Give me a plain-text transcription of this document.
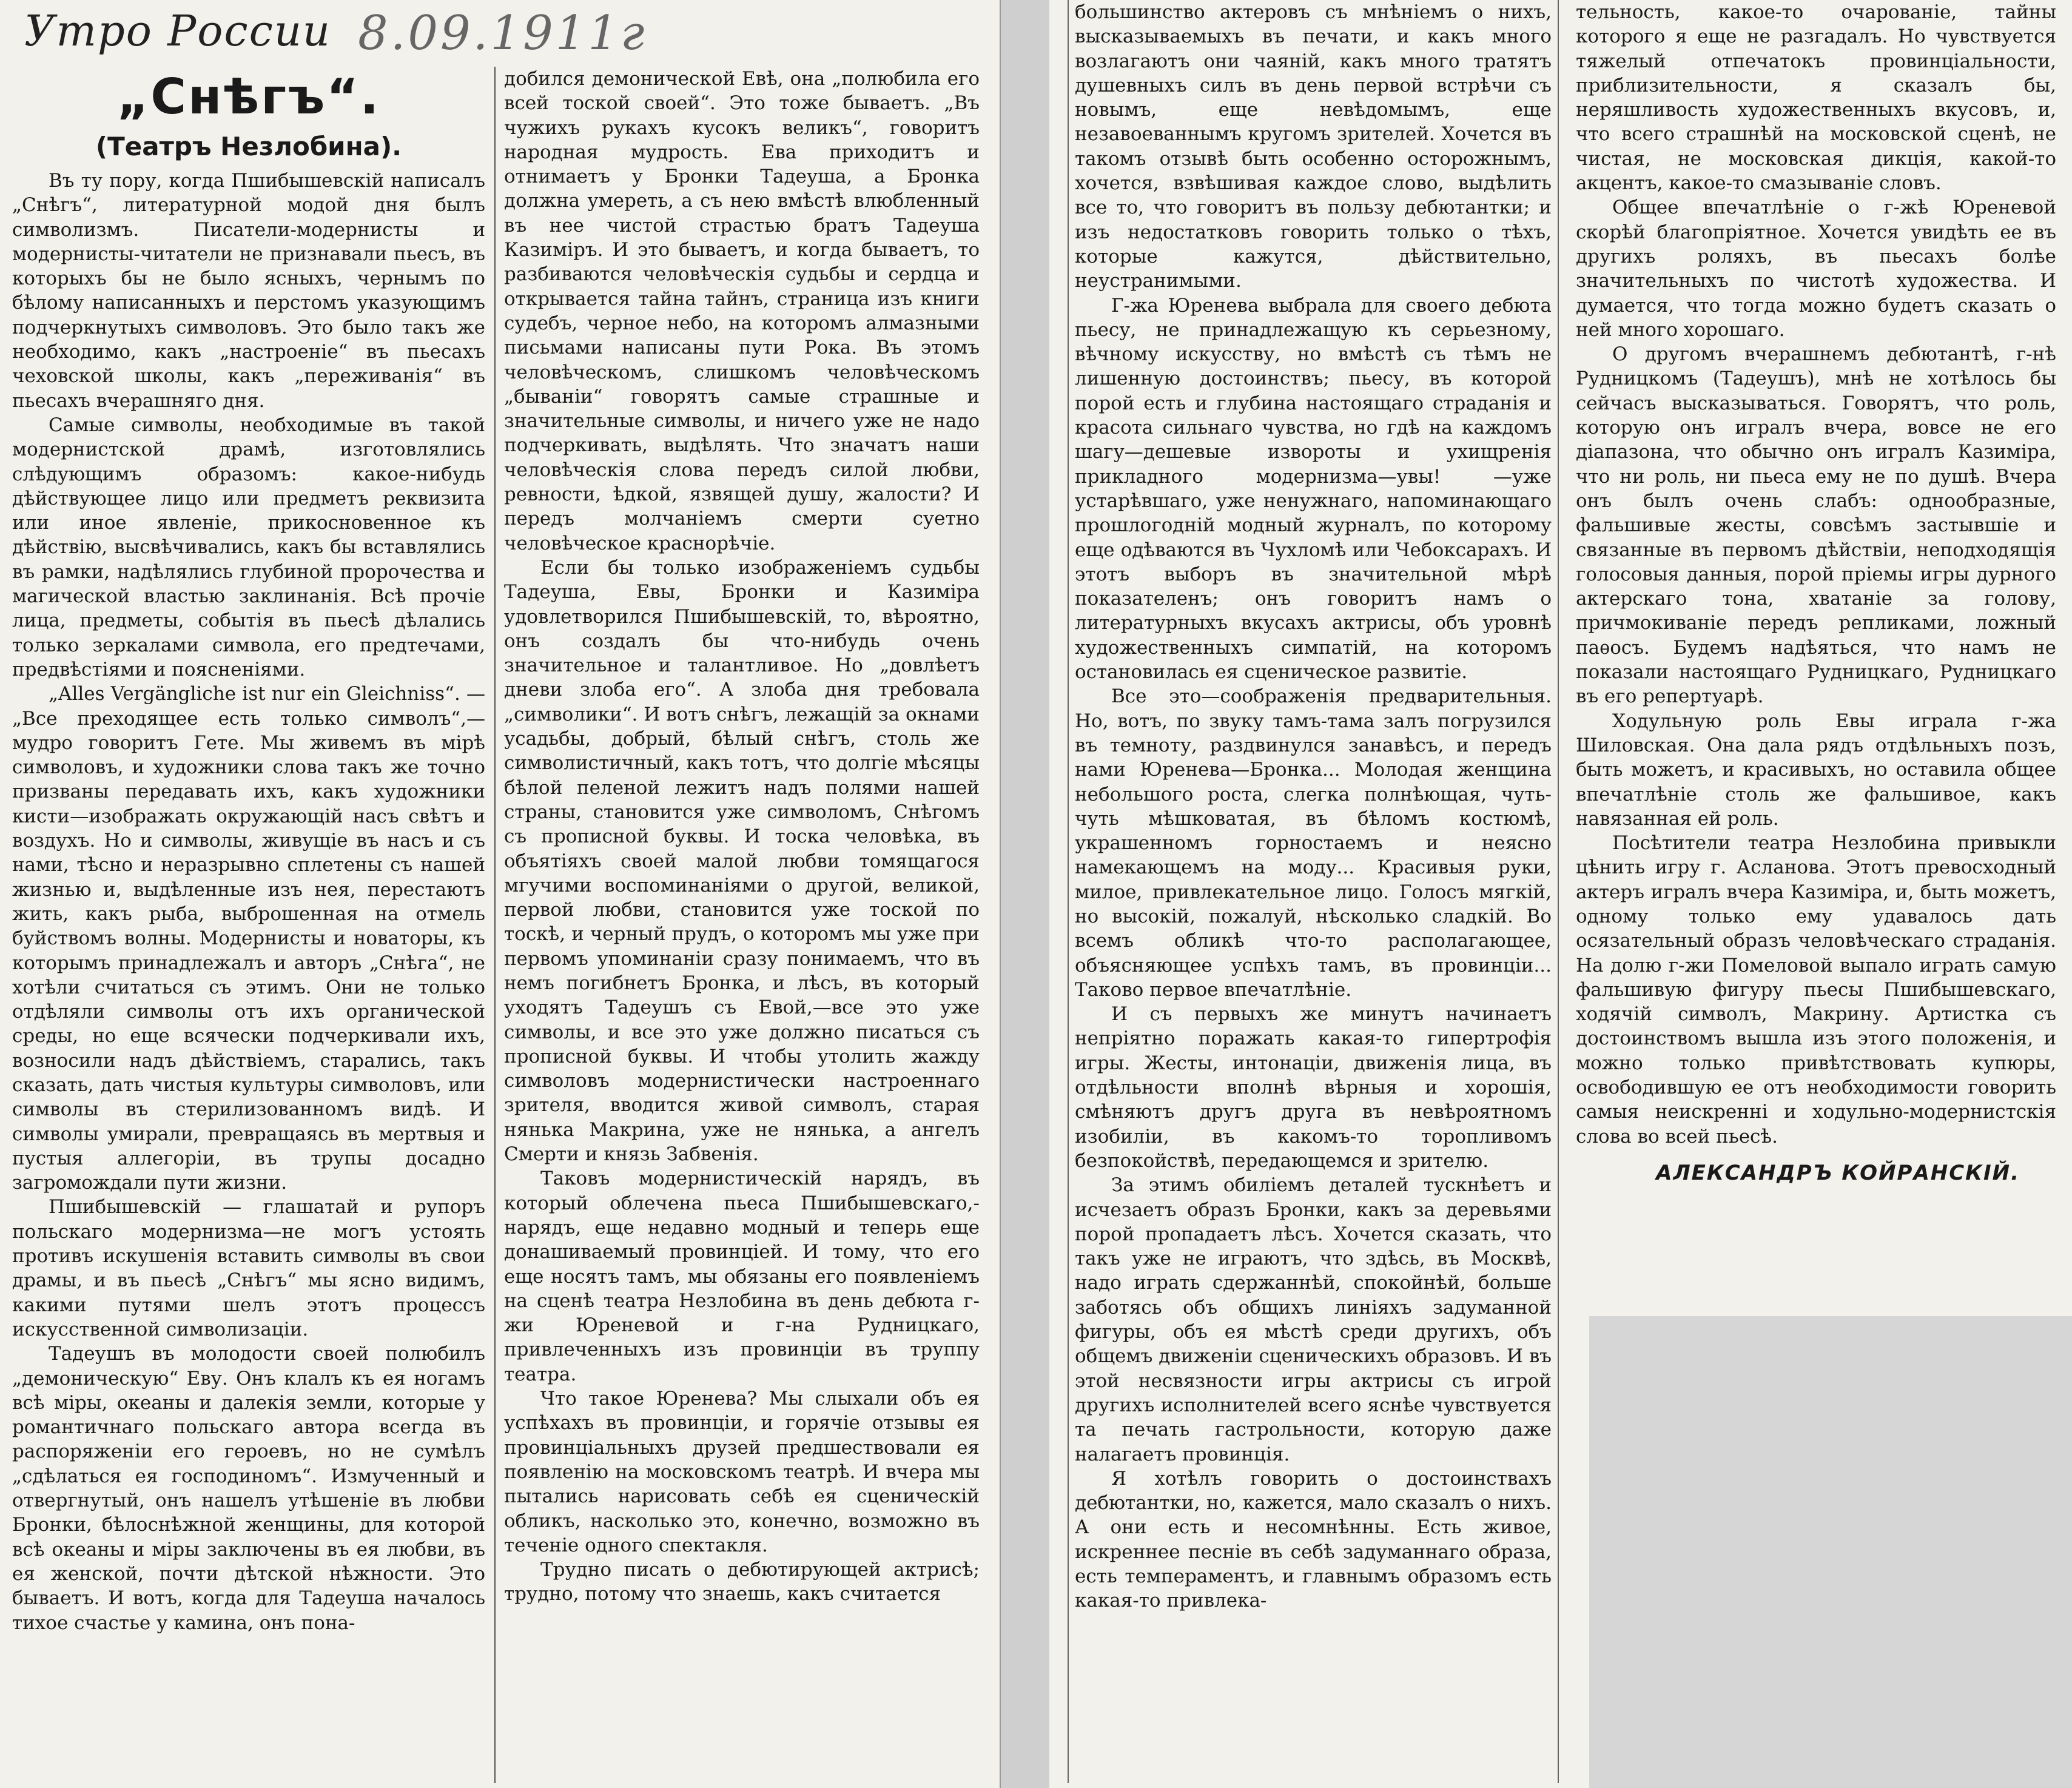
Утро России 8.09.1911г
„Снѣгъ“.
(Театръ Незлобина).

Въ ту пору, когда Пшибышевскій написалъ „Снѣгъ“, литературной модой дня былъ символизмъ. Писатели-модернисты и модернисты-читатели не признавали пьесъ, въ которыхъ бы не было ясныхъ, чернымъ по бѣлому написанныхъ и перстомъ указующимъ подчеркнутыхъ символовъ. Это было такъ же необходимо, какъ „настроеніе“ въ пьесахъ чеховской школы, какъ „переживанія“ въ пьесахъ вчерашняго дня.

Самые символы, необходимые въ такой модернистской драмѣ, изготовлялись слѣдующимъ образомъ: какое-нибудь дѣйствующее лицо или предметъ реквизита или иное явленіе, прикосновенное къ дѣйствію, высвѣчивались, какъ бы вставлялись въ рамки, надѣлялись глубиной пророчества и магической властью заклинанія. Всѣ прочіе лица, предметы, событія въ пьесѣ дѣлались только зеркалами символа, его предтечами, предвѣстіями и поясненіями.

„Alles Vergängliche ist nur ein Gleichniss“. — „Все преходящее есть только символъ“,—мудро говоритъ Гете. Мы живемъ въ мірѣ символовъ, и художники слова такъ же точно призваны передавать ихъ, какъ художники кисти—изображать окружающій насъ свѣтъ и воздухъ. Но и символы, живущіе въ насъ и съ нами, тѣсно и неразрывно сплетены съ нашей жизнью и, выдѣленные изъ нея, перестаютъ жить, какъ рыба, выброшенная на отмель буйствомъ волны. Модернисты и новаторы, къ которымъ принадлежалъ и авторъ „Снѣга“, не хотѣли считаться съ этимъ. Они не только отдѣляли символы отъ ихъ органической среды, но еще всячески подчеркивали ихъ, возносили надъ дѣйствіемъ, старались, такъ сказать, дать чистыя культуры символовъ, или символы въ стерилизованномъ видѣ. И символы умирали, превращаясь въ мертвыя и пустыя аллегоріи, въ трупы досадно загромождали пути жизни.

Пшибышевскій — глашатай и рупоръ польскаго модернизма—не могъ устоять противъ искушенія вставить символы въ свои драмы, и въ пьесѣ „Снѣгъ“ мы ясно видимъ, какими путями шелъ этотъ процессъ искусственной символизаціи.

Тадеушъ въ молодости своей полюбилъ „демоническую“ Еву. Онъ клалъ къ ея ногамъ всѣ міры, океаны и далекія земли, которые у романтичнаго польскаго автора всегда въ распоряженіи его героевъ, но не сумѣлъ „сдѣлаться ея господиномъ“. Измученный и отвергнутый, онъ нашелъ утѣшеніе въ любви Бронки, бѣлоснѣжной женщины, для которой всѣ океаны и міры заключены въ ея любви, въ ея женской, почти дѣтской нѣжности. Это бываетъ. И вотъ, когда для Тадеуша началось тихое счастье у камина, онъ пона-

добился демонической Евѣ, она „полюбила его всей тоской своей“. Это тоже бываетъ. „Въ чужихъ рукахъ кусокъ великъ“, говоритъ народная мудрость. Ева приходитъ и отнимаетъ у Бронки Тадеуша, а Бронка должна умереть, а съ нею вмѣстѣ влюбленный въ нее чистой страстью братъ Тадеуша Казиміръ. И это бываетъ, и когда бываетъ, то разбиваются человѣческія судьбы и сердца и открывается тайна тайнъ, страница изъ книги судебъ, черное небо, на которомъ алмазными письмами написаны пути Рока. Въ этомъ человѣческомъ, слишкомъ человѣческомъ „бываніи“ говорятъ самые страшные и значительные символы, и ничего уже не надо подчеркивать, выдѣлять. Что значатъ наши человѣческія слова передъ силой любви, ревности, ѣдкой, язвящей душу, жалости? И передъ молчаніемъ смерти суетно человѣческое краснорѣчіе.

Если бы только изображеніемъ судьбы Тадеуша, Евы, Бронки и Казиміра удовлетворился Пшибышевскій, то, вѣроятно, онъ создалъ бы что-нибудь очень значительное и талантливое. Но „довлѣетъ дневи злоба его“. А злоба дня требовала „символики“. И вотъ снѣгъ, лежащій за окнами усадьбы, добрый, бѣлый снѣгъ, столь же символистичный, какъ тотъ, что долгіе мѣсяцы бѣлой пеленой лежитъ надъ полями нашей страны, становится уже символомъ, Снѣгомъ съ прописной буквы. И тоска человѣка, въ объятіяхъ своей малой любви томящагося мгучими воспоминаніями о другой, великой, первой любви, становится уже тоской по тоскѣ, и черный прудъ, о которомъ мы уже при первомъ упоминаніи сразу понимаемъ, что въ немъ погибнетъ Бронка, и лѣсъ, въ который уходятъ Тадеушъ съ Евой,—все это уже символы, и все это уже должно писаться съ прописной буквы. И чтобы утолить жажду символовъ модернистически настроеннаго зрителя, вводится живой символъ, старая нянька Макрина, уже не нянька, а ангелъ Смерти и князь Забвенія.

Таковъ модернистическій нарядъ, въ который облечена пьеса Пшибышевскаго,-нарядъ, еще недавно модный и теперь еще донашиваемый провинціей. И тому, что его еще носятъ тамъ, мы обязаны его появленіемъ на сценѣ театра Незлобина въ день дебюта г-жи Юреневой и г-на Рудницкаго, привлеченныхъ изъ провинціи въ труппу театра.

Что такое Юренева? Мы слыхали объ ея успѣхахъ въ провинціи, и горячіе отзывы ея провинціальныхъ друзей предшествовали ея появленію на московскомъ театрѣ. И вчера мы пытались нарисовать себѣ ея сценическій обликъ, насколько это, конечно, возможно въ теченіе одного спектакля.

Трудно писать о дебютирующей актрисѣ; трудно, потому что знаешь, какъ считается

большинство актеровъ съ мнѣніемъ о нихъ, высказываемыхъ въ печати, и какъ много возлагаютъ они чаяній, какъ много тратятъ душевныхъ силъ въ день первой встрѣчи съ новымъ, еще невѣдомымъ, еще незавоеваннымъ кругомъ зрителей. Хочется въ такомъ отзывѣ быть особенно осторожнымъ, хочется, взвѣшивая каждое слово, выдѣлить все то, что говоритъ въ пользу дебютантки; и изъ недостатковъ говорить только о тѣхъ, которые кажутся, дѣйствительно, неустранимыми.

Г-жа Юренева выбрала для своего дебюта пьесу, не принадлежащую къ серьезному, вѣчному искусству, но вмѣстѣ съ тѣмъ не лишенную достоинствъ; пьесу, въ которой порой есть и глубина настоящаго страданія и красота сильнаго чувства, но гдѣ на каждомъ шагу—дешевые извороты и ухищренія прикладного модернизма—увы! —уже устарѣвшаго, уже ненужнаго, напоминающаго прошлогодній модный журналъ, по которому еще одѣваются въ Чухломѣ или Чебоксарахъ. И этотъ выборъ въ значительной мѣрѣ показателенъ; онъ говоритъ намъ о литературныхъ вкусахъ актрисы, объ уровнѣ художественныхъ симпатій, на которомъ остановилась ея сценическое развитіе.

Все это—соображенія предварительныя. Но, вотъ, по звуку тамъ-тама залъ погрузился въ темноту, раздвинулся занавѣсъ, и передъ нами Юренева—Бронка... Молодая женщина небольшого роста, слегка полнѣющая, чуть-чуть мѣшковатая, въ бѣломъ костюмѣ, украшенномъ горностаемъ и неясно намекающемъ на моду... Красивыя руки, милое, привлекательное лицо. Голосъ мягкій, но высокій, пожалуй, нѣсколько сладкій. Во всемъ обликѣ что-то располагающее, объясняющее успѣхъ тамъ, въ провинціи... Таково первое впечатлѣніе.

И съ первыхъ же минутъ начинаетъ непріятно поражать какая-то гипертрофія игры. Жесты, интонаціи, движенія лица, въ отдѣльности вполнѣ вѣрныя и хорошія, смѣняютъ другъ друга въ невѣроятномъ изобиліи, въ какомъ-то торопливомъ безпокойствѣ, передающемся и зрителю.

За этимъ обиліемъ деталей тускнѣетъ и исчезаетъ образъ Бронки, какъ за деревьями порой пропадаетъ лѣсъ. Хочется сказать, что такъ уже не играютъ, что здѣсь, въ Москвѣ, надо играть сдержаннѣй, спокойнѣй, больше заботясь объ общихъ линіяхъ задуманной фигуры, объ ея мѣстѣ среди другихъ, объ общемъ движеніи сценическихъ образовъ. И въ этой несвязности игры актрисы съ игрой другихъ исполнителей всего яснѣе чувствуется та печать гастрольности, которую даже налагаетъ провинція.

Я хотѣлъ говорить о достоинствахъ дебютантки, но, кажется, мало сказалъ о нихъ. А они есть и несомнѣнны. Есть живое, искреннее песніе въ себѣ задуманнаго образа, есть темпераментъ, и главнымъ образомъ есть какая-то привлека-

тельность, какое-то очарованіе, тайны которого я еще не разгадалъ. Но чувствуется тяжелый отпечатокъ провинціальности, приблизительности, я сказалъ бы, неряшливость художественныхъ вкусовъ, и, что всего страшнѣй на московской сценѣ, не чистая, не московская дикція, какой-то акцентъ, какое-то смазываніе словъ.

Общее впечатлѣніе о г-жѣ Юреневой скорѣй благопріятное. Хочется увидѣть ее въ другихъ роляхъ, въ пьесахъ болѣе значительныхъ по чистотѣ художества. И думается, что тогда можно будетъ сказать о ней много хорошаго.

О другомъ вчерашнемъ дебютантѣ, г-нѣ Рудницкомъ (Тадеушъ), мнѣ не хотѣлось бы сейчасъ высказываться. Говорятъ, что роль, которую онъ игралъ вчера, вовсе не его діапазона, что обычно онъ игралъ Казиміра, что ни роль, ни пьеса ему не по душѣ. Вчера онъ былъ очень слабъ: однообразные, фальшивые жесты, совсѣмъ застывшіе и связанные въ первомъ дѣйствіи, неподходящія голосовыя данныя, порой пріемы игры дурного актерскаго тона, хватаніе за голову, причмокиваніе передъ репликами, ложный паѳосъ. Будемъ надѣяться, что намъ не показали настоящаго Рудницкаго, Рудницкаго въ его репертуарѣ.

Ходульную роль Евы играла г-жа Шиловская. Она дала рядъ отдѣльныхъ позъ, быть можетъ, и красивыхъ, но оставила общее впечатлѣніе столь же фальшивое, какъ навязанная ей роль.

Посѣтители театра Незлобина привыкли цѣнить игру г. Асланова. Этотъ превосходный актеръ игралъ вчера Казиміра, и, быть можетъ, одному только ему удавалось дать осязательный образъ человѣческаго страданія. На долю г-жи Помеловой выпало играть самую фальшивую фигуру пьесы Пшибышевскаго, ходячій символъ, Макрину. Артистка съ достоинствомъ вышла изъ этого положенія, и можно только привѣтствовать купюры, освободившую ее отъ необходимости говорить самыя неискренні и ходульно-модернистскія слова во всей пьесѣ.

АЛЕКСАНДРЪ КОЙРАНСКІЙ.
